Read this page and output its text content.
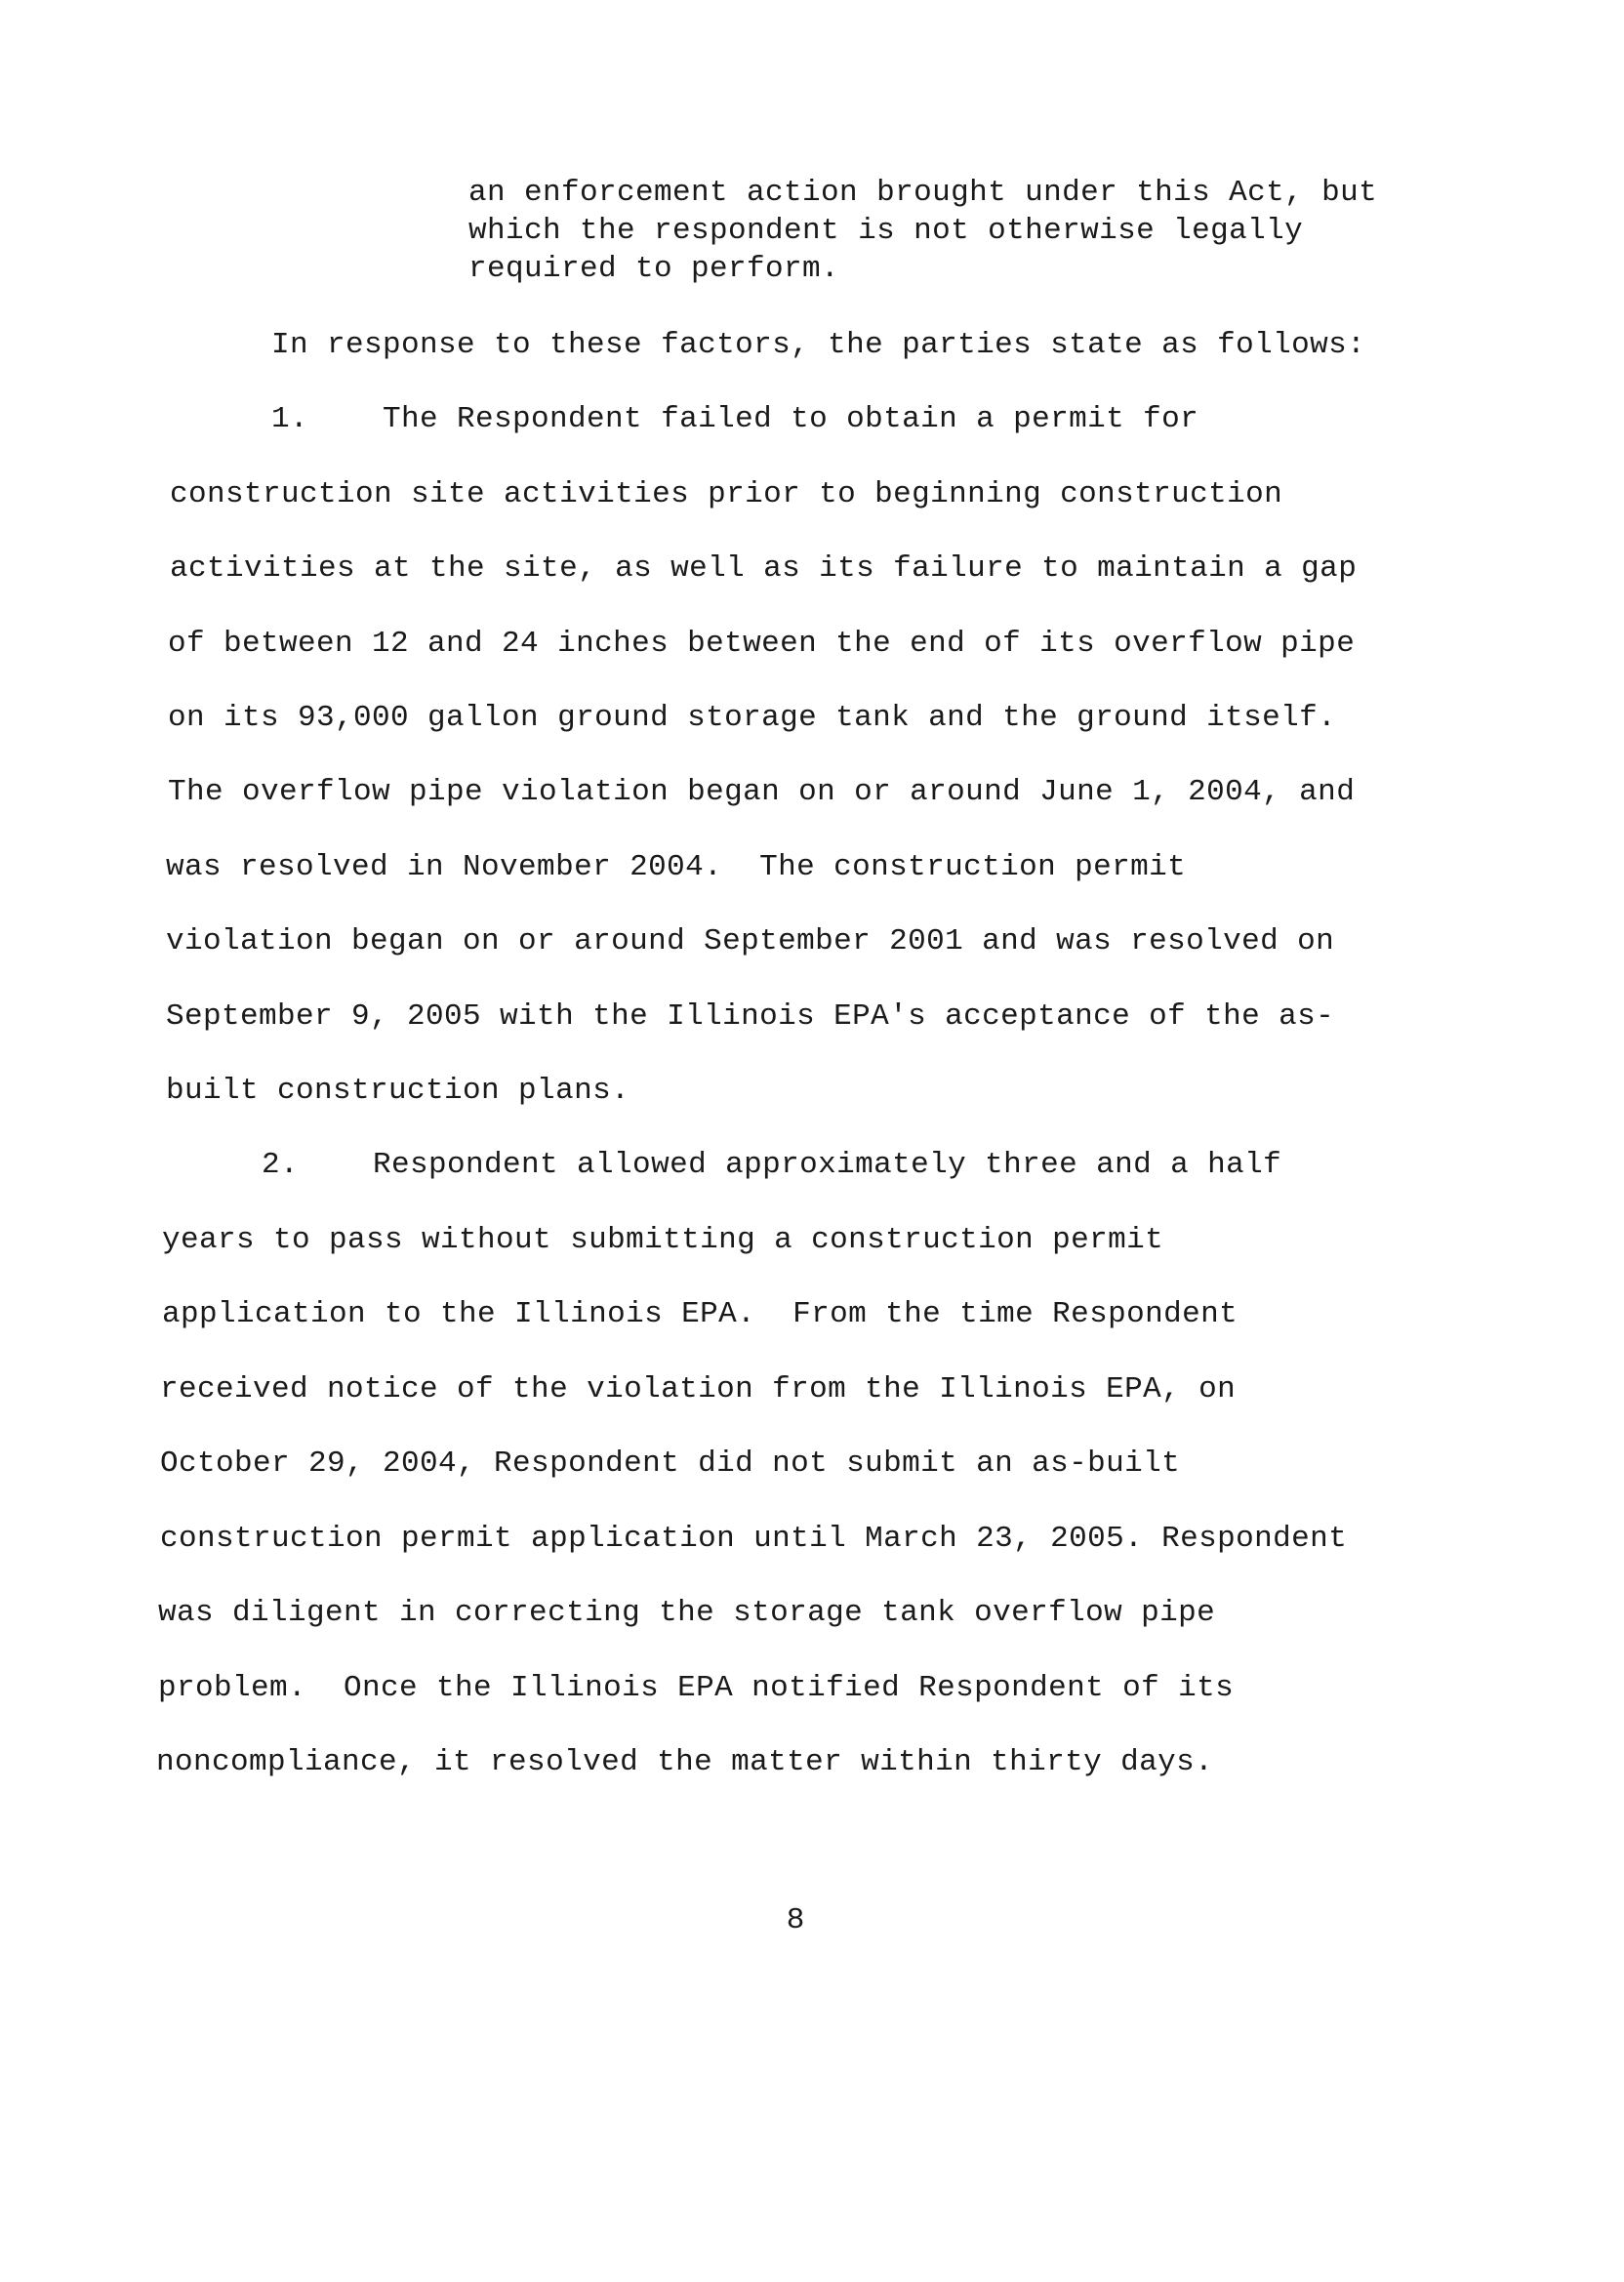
an enforcement action brought under this Act, but
which the respondent is not otherwise legally
required to perform.
In response to these factors, the parties state as follows:
1.    The Respondent failed to obtain a permit for
construction site activities prior to beginning construction
activities at the site, as well as its failure to maintain a gap
of between 12 and 24 inches between the end of its overflow pipe
on its 93,000 gallon ground storage tank and the ground itself.
The overflow pipe violation began on or around June 1, 2004, and
was resolved in November 2004.  The construction permit
violation began on or around September 2001 and was resolved on
September 9, 2005 with the Illinois EPA's acceptance of the as-
built construction plans.
2.    Respondent allowed approximately three and a half
years to pass without submitting a construction permit
application to the Illinois EPA.  From the time Respondent
received notice of the violation from the Illinois EPA, on
October 29, 2004, Respondent did not submit an as-built
construction permit application until March 23, 2005. Respondent
was diligent in correcting the storage tank overflow pipe
problem.  Once the Illinois EPA notified Respondent of its
noncompliance, it resolved the matter within thirty days.
8
